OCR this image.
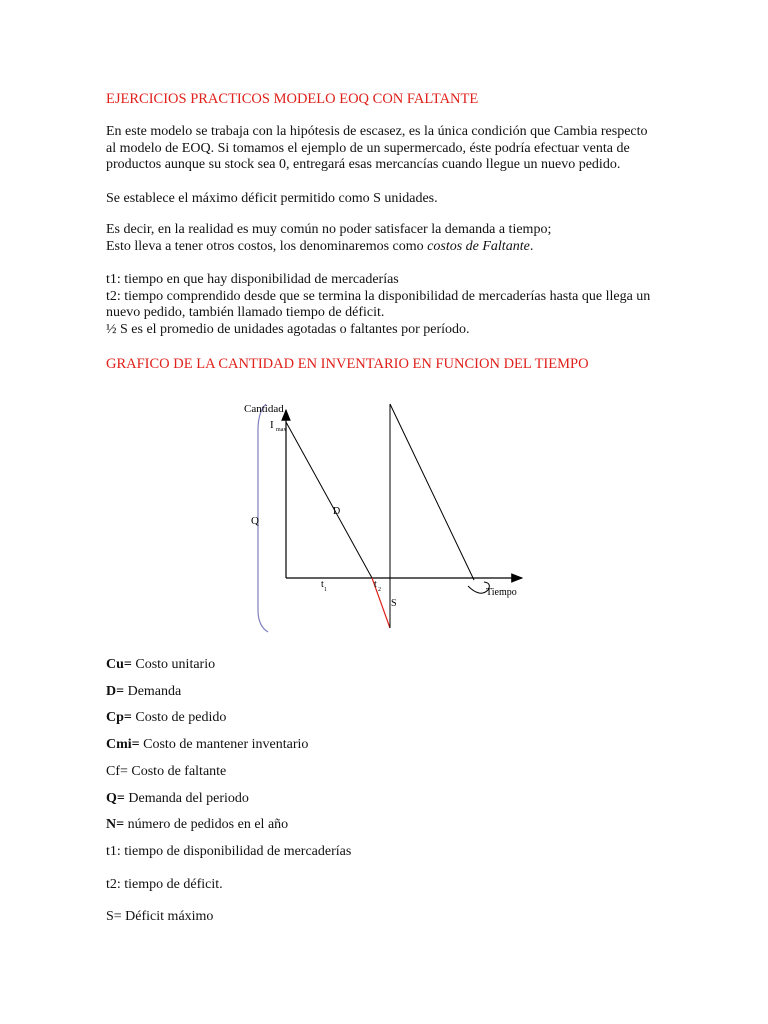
EJERCICIOS PRACTICOS MODELO EOQ CON FALTANTE
En este modelo se trabaja con la hipótesis de escasez, es la única condición que Cambia respecto
al modelo de EOQ. Si tomamos el ejemplo de un supermercado, éste podría efectuar venta de
productos aunque su stock sea 0, entregará esas mercancías cuando llegue un nuevo pedido.
Se establece el máximo déficit permitido como S unidades.
Es decir, en la realidad es muy común no poder satisfacer la demanda a tiempo;
Esto lleva a tener otros costos, los denominaremos como costos de Faltante.
t1: tiempo en que hay disponibilidad de mercaderías
t2: tiempo comprendido desde que se termina la disponibilidad de mercaderías hasta que llega un
nuevo pedido, también llamado tiempo de déficit.
½ S es el promedio de unidades agotadas o faltantes por período.
GRAFICO DE LA CANTIDAD EN INVENTARIO EN FUNCION DEL TIEMPO
Cantidad
I max
Q
D
t 1	t 2
S
Tiempo
Cu= Costo unitario
D= Demanda
Cp= Costo de pedido
Cmi= Costo de mantener inventario
Cf= Costo de faltante
Q= Demanda del periodo
N= número de pedidos en el año
t1: tiempo de disponibilidad de mercaderías
t2: tiempo de déficit.
S= Déficit máximo
